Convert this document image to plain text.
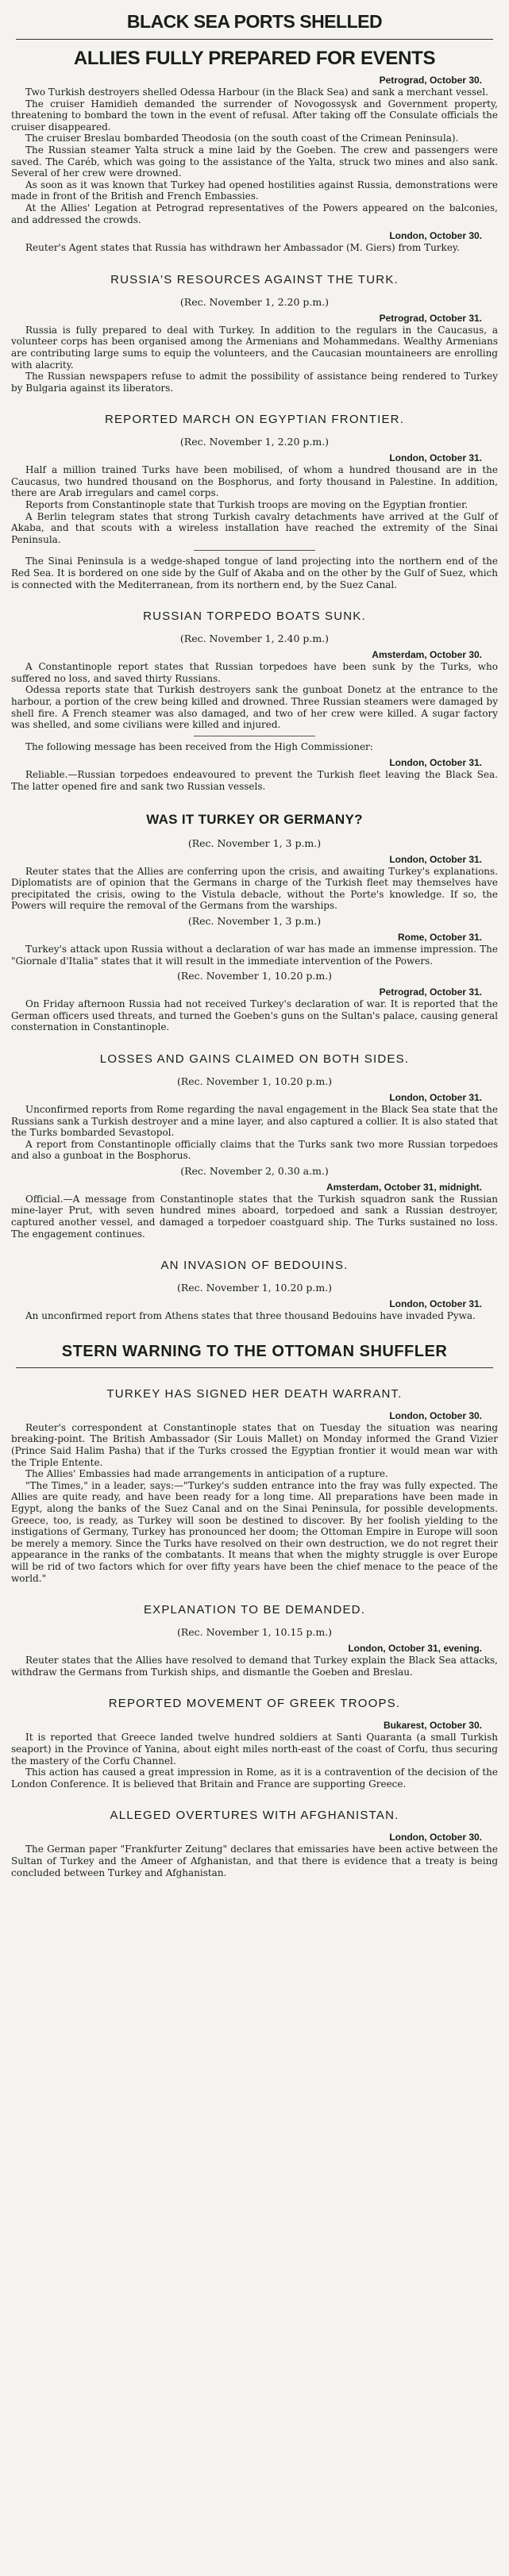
BLACK SEA PORTS SHELLED
ALLIES FULLY PREPARED FOR EVENTS
Petrograd, October 30.

Two Turkish destroyers shelled Odessa Harbour (in the Black Sea) and sank a merchant vessel.

The cruiser Hamidieh demanded the surrender of Novogossysk and Government property, threatening to bombard the town in the event of refusal. After taking off the Consulate officials the cruiser disappeared.

The cruiser Breslau bombarded Theodosia (on the south coast of the Crimean Peninsula).

The Russian steamer Yalta struck a mine laid by the Goeben. The crew and passengers were saved. The Caréb, which was going to the assistance of the Yalta, struck two mines and also sank. Several of her crew were drowned.

As soon as it was known that Turkey had opened hostilities against Russia, demonstrations were made in front of the British and French Embassies.

At the Allies' Legation at Petrograd representatives of the Powers appeared on the balconies, and addressed the crowds.

London, October 30.

Reuter's Agent states that Russia has withdrawn her Ambassador (M. Giers) from Turkey.

RUSSIA'S RESOURCES AGAINST THE TURK.
(Rec. November 1, 2.20 p.m.)
Petrograd, October 31.

Russia is fully prepared to deal with Turkey. In addition to the regulars in the Caucasus, a volunteer corps has been organised among the Armenians and Mohammedans. Wealthy Armenians are contributing large sums to equip the volunteers, and the Caucasian mountaineers are enrolling with alacrity.

The Russian newspapers refuse to admit the possibility of assistance being rendered to Turkey by Bulgaria against its liberators.

REPORTED MARCH ON EGYPTIAN FRONTIER.
(Rec. November 1, 2.20 p.m.)
London, October 31.

Half a million trained Turks have been mobilised, of whom a hundred thousand are in the Caucasus, two hundred thousand on the Bosphorus, and forty thousand in Palestine. In addition, there are Arab irregulars and camel corps.

Reports from Constantinople state that Turkish troops are moving on the Egyptian frontier.

A Berlin telegram states that strong Turkish cavalry detachments have arrived at the Gulf of Akaba, and that scouts with a wireless installation have reached the extremity of the Sinai Peninsula.

The Sinai Peninsula is a wedge-shaped tongue of land projecting into the northern end of the Red Sea. It is bordered on one side by the Gulf of Akaba and on the other by the Gulf of Suez, which is connected with the Mediterranean, from its northern end, by the Suez Canal.

RUSSIAN TORPEDO BOATS SUNK.
(Rec. November 1, 2.40 p.m.)
Amsterdam, October 30.

A Constantinople report states that Russian torpedoes have been sunk by the Turks, who suffered no loss, and saved thirty Russians.

Odessa reports state that Turkish destroyers sank the gunboat Donetz at the entrance to the harbour, a portion of the crew being killed and drowned. Three Russian steamers were damaged by shell fire. A French steamer was also damaged, and two of her crew were killed. A sugar factory was shelled, and some civilians were killed and injured.

The following message has been received from the High Commissioner:

London, October 31.

Reliable.—Russian torpedoes endeavoured to prevent the Turkish fleet leaving the Black Sea. The latter opened fire and sank two Russian vessels.

WAS IT TURKEY OR GERMANY?
(Rec. November 1, 3 p.m.)
London, October 31.

Reuter states that the Allies are conferring upon the crisis, and awaiting Turkey's explanations. Diplomatists are of opinion that the Germans in charge of the Turkish fleet may themselves have precipitated the crisis, owing to the Vistula debacle, without the Porte's knowledge. If so, the Powers will require the removal of the Germans from the warships.

(Rec. November 1, 3 p.m.)
Rome, October 31.

Turkey's attack upon Russia without a declaration of war has made an immense impression. The "Giornale d'Italia" states that it will result in the immediate intervention of the Powers.

(Rec. November 1, 10.20 p.m.)
Petrograd, October 31.

On Friday afternoon Russia had not received Turkey's declaration of war. It is reported that the German officers used threats, and turned the Goeben's guns on the Sultan's palace, causing general consternation in Constantinople.

LOSSES AND GAINS CLAIMED ON BOTH SIDES.
(Rec. November 1, 10.20 p.m.)
London, October 31.

Unconfirmed reports from Rome regarding the naval engagement in the Black Sea state that the Russians sank a Turkish destroyer and a mine layer, and also captured a collier. It is also stated that the Turks bombarded Sevastopol.

A report from Constantinople officially claims that the Turks sank two more Russian torpedoes and also a gunboat in the Bosphorus.

(Rec. November 2, 0.30 a.m.)
Amsterdam, October 31, midnight.

Official.—A message from Constantinople states that the Turkish squadron sank the Russian mine-layer Prut, with seven hundred mines aboard, torpedoed and sank a Russian destroyer, captured another vessel, and damaged a torpedoer coastguard ship. The Turks sustained no loss. The engagement continues.

AN INVASION OF BEDOUINS.
(Rec. November 1, 10.20 p.m.)
London, October 31.

An unconfirmed report from Athens states that three thousand Bedouins have invaded Pywa.

STERN WARNING TO THE OTTOMAN SHUFFLER
TURKEY HAS SIGNED HER DEATH WARRANT.
London, October 30.

Reuter's correspondent at Constantinople states that on Tuesday the situation was nearing breaking-point. The British Ambassador (Sir Louis Mallet) on Monday informed the Grand Vizier (Prince Said Halim Pasha) that if the Turks crossed the Egyptian frontier it would mean war with the Triple Entente.

The Allies' Embassies had made arrangements in anticipation of a rupture.

"The Times," in a leader, says:—"Turkey's sudden entrance into the fray was fully expected. The Allies are quite ready, and have been ready for a long time. All preparations have been made in Egypt, along the banks of the Suez Canal and on the Sinai Peninsula, for possible developments. Greece, too, is ready, as Turkey will soon be destined to discover. By her foolish yielding to the instigations of Germany, Turkey has pronounced her doom; the Ottoman Empire in Europe will soon be merely a memory. Since the Turks have resolved on their own destruction, we do not regret their appearance in the ranks of the combatants. It means that when the mighty struggle is over Europe will be rid of two factors which for over fifty years have been the chief menace to the peace of the world."

EXPLANATION TO BE DEMANDED.
(Rec. November 1, 10.15 p.m.)
London, October 31, evening.

Reuter states that the Allies have resolved to demand that Turkey explain the Black Sea attacks, withdraw the Germans from Turkish ships, and dismantle the Goeben and Breslau.

REPORTED MOVEMENT OF GREEK TROOPS.
Bukarest, October 30.

It is reported that Greece landed twelve hundred soldiers at Santi Quaranta (a small Turkish seaport) in the Province of Yanina, about eight miles north-east of the coast of Corfu, thus securing the mastery of the Corfu Channel.

This action has caused a great impression in Rome, as it is a contravention of the decision of the London Conference. It is believed that Britain and France are supporting Greece.

ALLEGED OVERTURES WITH AFGHANISTAN.
London, October 30.

The German paper "Frankfurter Zeitung" declares that emissaries have been active between the Sultan of Turkey and the Ameer of Afghanistan, and that there is evidence that a treaty is being concluded between Turkey and Afghanistan.
